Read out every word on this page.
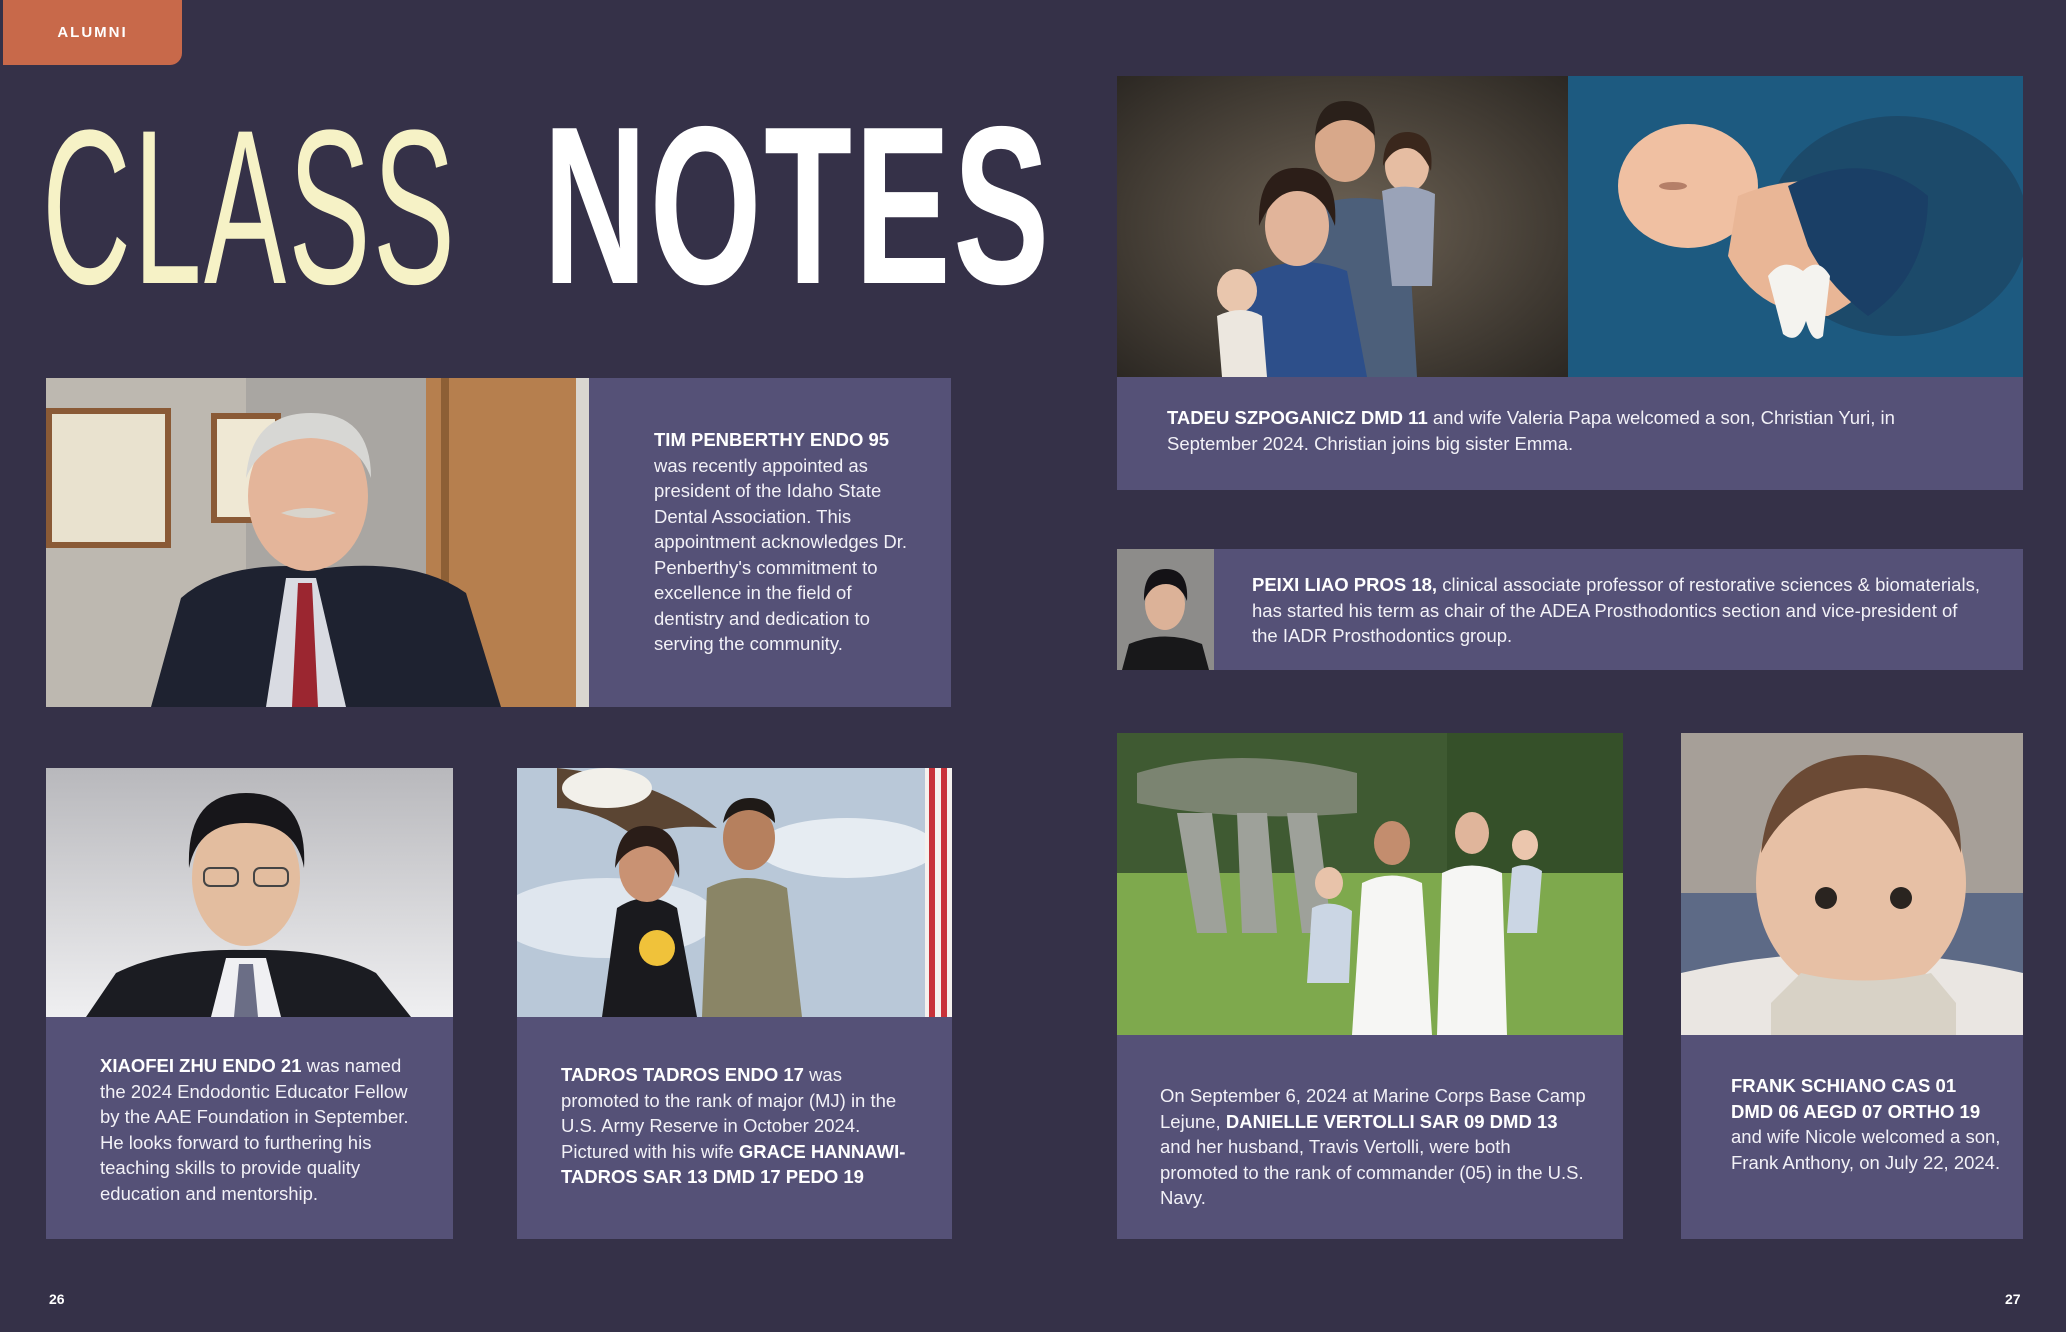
ALUMNI
CLASS NOTES
TIM PENBERTHY ENDO 95 was recently appointed as president of the Idaho State Dental Association. This appointment acknowledges Dr. Penberthy's commitment to excellence in the field of dentistry and dedication to serving the community.
XIAOFEI ZHU ENDO 21 was named the 2024 Endodontic Educator Fellow by the AAE Foundation in September. He looks forward to furthering his teaching skills to provide quality education and mentorship.
TADROS TADROS ENDO 17 was promoted to the rank of major (MJ) in the U.S. Army Reserve in October 2024. Pictured with his wife GRACE HANNAWI-TADROS SAR 13 DMD 17 PEDO 19
TADEU SZPOGANICZ DMD 11 and wife Valeria Papa welcomed a son, Christian Yuri, in September 2024. Christian joins big sister Emma.
PEIXI LIAO PROS 18, clinical associate professor of restorative sciences & biomaterials, has started his term as chair of the ADEA Prosthodontics section and vice-president of the IADR Prosthodontics group.
On September 6, 2024 at Marine Corps Base Camp Lejune, DANIELLE VERTOLLI SAR 09 DMD 13 and her husband, Travis Vertolli, were both promoted to the rank of commander (05) in the U.S. Navy.
FRANK SCHIANO CAS 01 DMD 06 AEGD 07 ORTHO 19 and wife Nicole welcomed a son, Frank Anthony, on July 22, 2024.
26	27
